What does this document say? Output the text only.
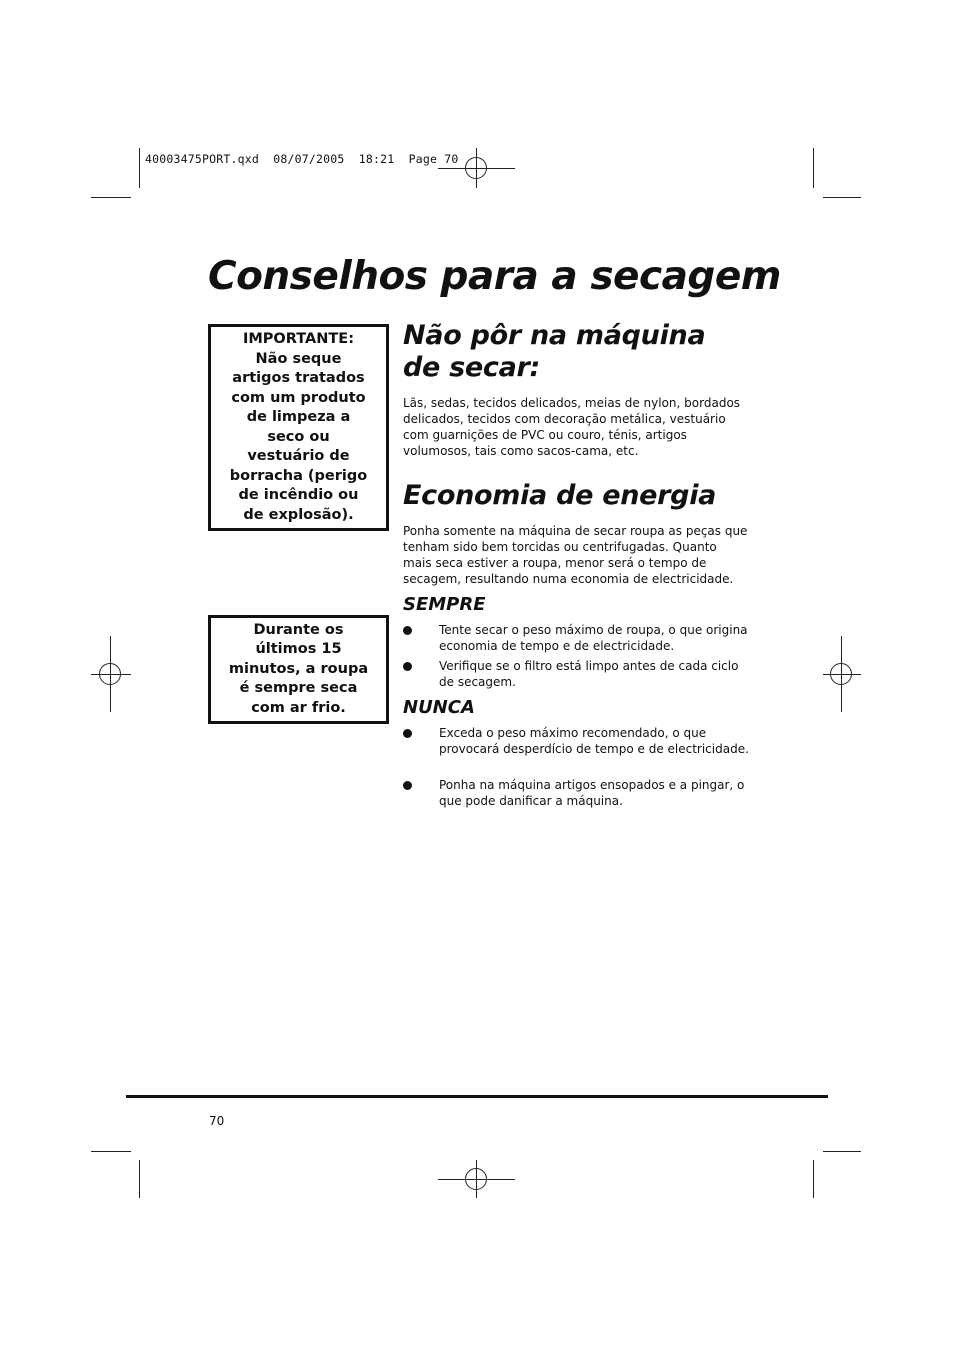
40003475PORT.qxd  08/07/2005  18:21  Page 70
Conselhos para a secagem
IMPORTANTE: Não seque artigos tratados com um produto de limpeza a seco ou vestuário de borracha (perigo de incêndio ou de explosão).
Durante os últimos 15 minutos, a roupa é sempre seca com ar frio.
Não pôr na máquina de secar:

Lãs, sedas, tecidos delicados, meias de nylon, bordados delicados, tecidos com decoração metálica, vestuário com guarnições de PVC ou couro, ténis, artigos volumosos, tais como sacos-cama, etc.

Economia de energia

Ponha somente na máquina de secar roupa as peças que tenham sido bem torcidas ou centrifugadas. Quanto mais seca estiver a roupa, menor será o tempo de secagem, resultando numa economia de electricidade.

SEMPRE
Tente secar o peso máximo de roupa, o que origina economia de tempo e de electricidade.
Verifique se o filtro está limpo antes de cada ciclo de secagem.
NUNCA
Exceda o peso máximo recomendado, o que provocará desperdício de tempo e de electricidade.
Ponha na máquina artigos ensopados e a pingar, o que pode danificar a máquina.
70
